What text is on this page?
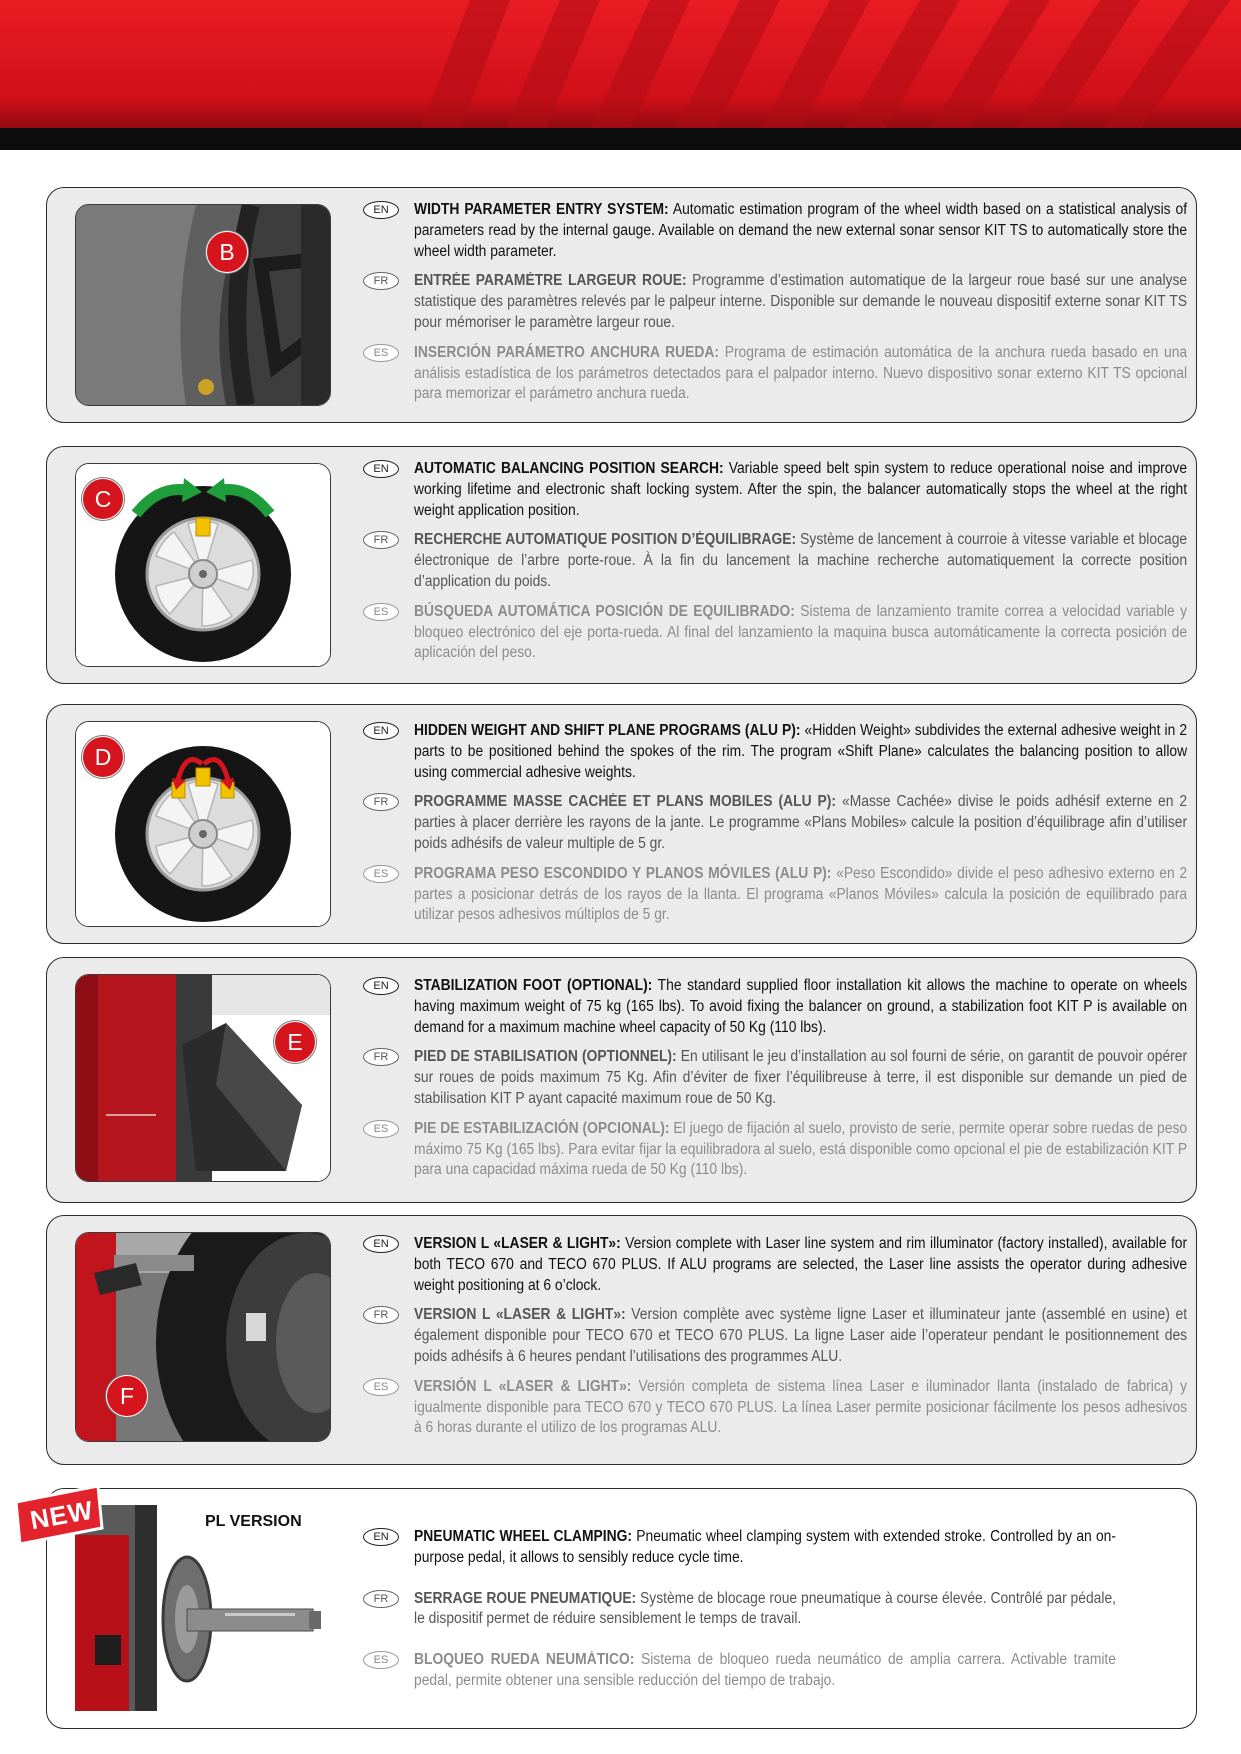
B
EN	WIDTH PARAMETER ENTRY SYSTEM: Automatic estimation program of the wheel width based on a statistical analysis of parameters read by the internal gauge. Available on demand the new external sonar sensor KIT TS to automatically store the wheel width parameter.

FR	ENTRÉE PARAMÈTRE LARGEUR ROUE: Programme d’estimation automatique de la largeur roue basé sur une analyse statistique des paramètres relevés par le palpeur interne. Disponible sur demande le nouveau dispositif externe sonar KIT TS pour mémoriser le paramètre largeur roue.

ES	INSERCIÓN PARÁMETRO ANCHURA RUEDA: Programa de estimación automática de la anchura rueda basado en una análisis estadística de los parámetros detectados para el palpador interno. Nuevo dispositivo sonar externo KIT TS opcional para memorizar el parámetro anchura rueda.

C
EN	AUTOMATIC BALANCING POSITION SEARCH: Variable speed belt spin system to reduce operational noise and improve working lifetime and electronic shaft locking system. After the spin, the balancer automatically stops the wheel at the right weight application position.

FR	RECHERCHE AUTOMATIQUE POSITION D’ÉQUILIBRAGE: Système de lancement à courroie à vitesse variable et blocage électronique de l’arbre porte-roue. À la fin du lancement la machine recherche automatiquement la correcte position d’application du poids.

ES	BÚSQUEDA AUTOMÁTICA POSICIÓN DE EQUILIBRADO: Sistema de lanzamiento tramite correa a velocidad variable y bloqueo electrónico del eje porta-rueda. Al final del lanzamiento la maquina busca automáticamente la correcta posición de aplicación del peso.

D
EN	HIDDEN WEIGHT AND SHIFT PLANE PROGRAMS (ALU P): «Hidden Weight» subdivides the external adhesive weight in 2 parts to be positioned behind the spokes of the rim. The program «Shift Plane» calculates the balancing position to allow using commercial adhesive weights.

FR	PROGRAMME MASSE CACHÉE ET PLANS MOBILES (ALU P): «Masse Cachée» divise le poids adhésif externe en 2 parties à placer derrière les rayons de la jante. Le programme «Plans Mobiles» calcule la position d’équilibrage afin d’utiliser poids adhésifs de valeur multiple de 5 gr.

ES	PROGRAMA PESO ESCONDIDO Y PLANOS MÓVILES (ALU P): «Peso Escondido» divide el peso adhesivo externo en 2 partes a posicionar detrás de los rayos de la llanta. El programa «Planos Móviles» calcula la posición de equilibrado para utilizar pesos adhesivos múltiplos de 5 gr.

E
EN	STABILIZATION FOOT (OPTIONAL): The standard supplied floor installation kit allows the machine to operate on wheels having maximum weight of 75 kg (165 lbs). To avoid fixing the balancer on ground, a stabilization foot KIT P is available on demand for a maximum machine wheel capacity of 50 Kg (110 lbs).

FR	PIED DE STABILISATION (OPTIONNEL): En utilisant le jeu d’installation au sol fourni de série, on garantit de pouvoir opérer sur roues de poids maximum 75 Kg. Afin d’éviter de fixer l’équilibreuse à terre, il est disponible sur demande un pied de stabilisation KIT P ayant capacité maximum roue de 50 Kg.

ES	PIE DE ESTABILIZACIÓN (OPCIONAL): El juego de fijación al suelo, provisto de serie, permite operar sobre ruedas de peso máximo 75 Kg (165 lbs). Para evitar fijar la equilibradora al suelo, está disponible como opcional el pie de estabilización KIT P para una capacidad máxima rueda de 50 Kg (110 lbs).

F
EN	VERSION L «LASER & LIGHT»: Version complete with Laser line system and rim illuminator (factory installed), available for both TECO 670 and TECO 670 PLUS. If ALU programs are selected, the Laser line assists the operator during adhesive weight positioning at 6 o’clock.

FR	VERSION L «LASER & LIGHT»: Version complète avec système ligne Laser et illuminateur jante (assemblé en usine) et également disponible pour TECO 670 et TECO 670 PLUS. La ligne Laser aide l’operateur pendant le positionnement des poids adhésifs à 6 heures pendant l’utilisations des programmes ALU.

ES	VERSIÓN L «LASER & LIGHT»: Versión completa de sistema línea Laser e iluminador llanta (instalado de fabrica) y igualmente disponible para TECO 670 y TECO 670 PLUS. La línea Laser permite posicionar fácilmente los pesos adhesivos à 6 horas durante el utilizo de los programas ALU.

PL VERSION
EN	PNEUMATIC WHEEL CLAMPING: Pneumatic wheel clamping system with extended stroke. Controlled by an on-purpose pedal, it allows to sensibly reduce cycle time.

FR	SERRAGE ROUE PNEUMATIQUE: Système de blocage roue pneumatique à course élevée. Contrôlé par pédale, le dispositif permet de réduire sensiblement le temps de travail.

ES	BLOQUEO RUEDA NEUMÁTICO: Sistema de bloqueo rueda neumático de amplia carrera. Activable tramite pedal, permite obtener una sensible reducción del tiempo de trabajo.

NEW
